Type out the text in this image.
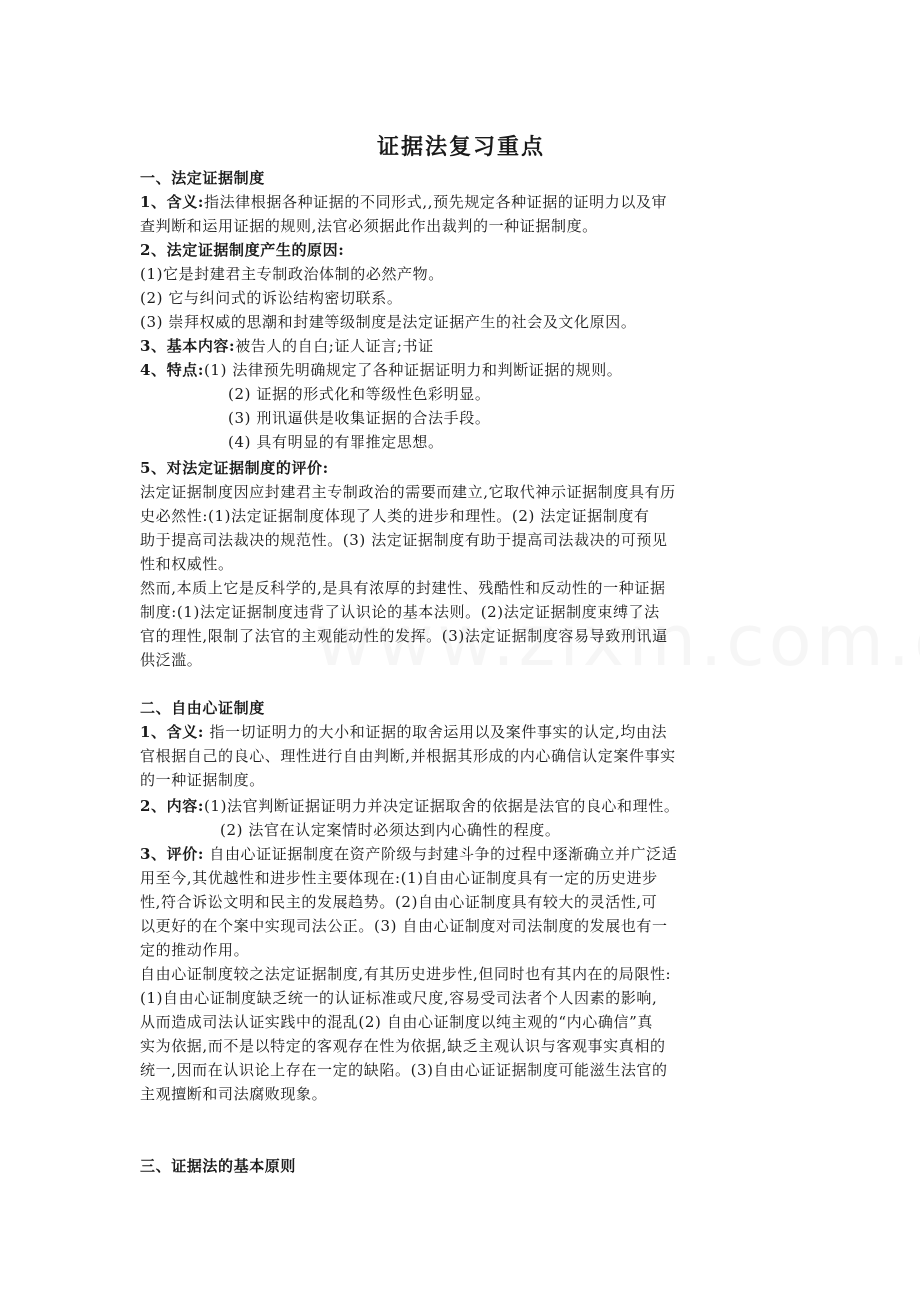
证据法复习重点
一、法定证据制度
1、含义:指法律根据各种证据的不同形式,,预先规定各种证据的证明力以及审
查判断和运用证据的规则,法官必须据此作出裁判的一种证据制度。
2、法定证据制度产生的原因:
(1)它是封建君主专制政治体制的必然产物。
(2) 它与纠问式的诉讼结构密切联系。
(3) 崇拜权威的思潮和封建等级制度是法定证据产生的社会及文化原因。
3、基本内容:被告人的自白;证人证言;书证
4、特点:(1) 法律预先明确规定了各种证据证明力和判断证据的规则。
(2) 证据的形式化和等级性色彩明显。
(3) 刑讯逼供是收集证据的合法手段。
(4) 具有明显的有罪推定思想。
5、对法定证据制度的评价:
法定证据制度因应封建君主专制政治的需要而建立,它取代神示证据制度具有历
史必然性:(1)法定证据制度体现了人类的进步和理性。(2) 法定证据制度有
助于提高司法裁决的规范性。(3) 法定证据制度有助于提高司法裁决的可预见
性和权威性。
然而,本质上它是反科学的,是具有浓厚的封建性、残酷性和反动性的一种证据
制度:(1)法定证据制度违背了认识论的基本法则。(2)法定证据制度束缚了法
官的理性,限制了法官的主观能动性的发挥。(3)法定证据制度容易导致刑讯逼
供泛滥。
二、自由心证制度
1、含义: 指一切证明力的大小和证据的取舍运用以及案件事实的认定,均由法
官根据自己的良心、理性进行自由判断,并根据其形成的内心确信认定案件事实
的一种证据制度。
2、内容:(1)法官判断证据证明力并决定证据取舍的依据是法官的良心和理性。
(2) 法官在认定案情时必须达到内心确性的程度。
3、评价: 自由心证证据制度在资产阶级与封建斗争的过程中逐渐确立并广泛适
用至今,其优越性和进步性主要体现在:(1)自由心证制度具有一定的历史进步
性,符合诉讼文明和民主的发展趋势。(2)自由心证制度具有较大的灵活性,可
以更好的在个案中实现司法公正。(3) 自由心证制度对司法制度的发展也有一
定的推动作用。
自由心证制度较之法定证据制度,有其历史进步性,但同时也有其内在的局限性:
(1)自由心证制度缺乏统一的认证标准或尺度,容易受司法者个人因素的影响,
从而造成司法认证实践中的混乱(2) 自由心证制度以纯主观的“内心确信”真
实为依据,而不是以特定的客观存在性为依据,缺乏主观认识与客观事实真相的
统一,因而在认识论上存在一定的缺陷。(3)自由心证证据制度可能滋生法官的
主观擅断和司法腐败现象。
三、证据法的基本原则
